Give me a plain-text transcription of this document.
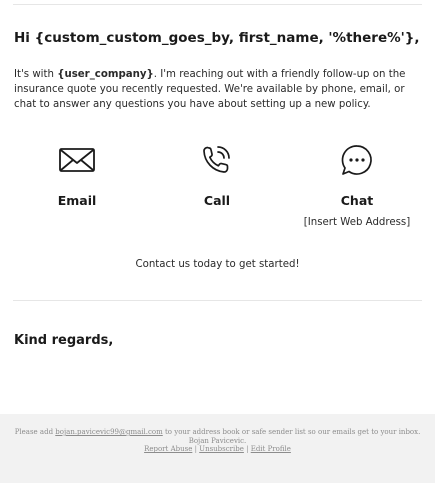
Hi {custom_custom_goes_by, first_name, '%there%'},

It's with {user_company}. I'm reaching out with a friendly follow-up on the insurance quote you recently requested. We're available by phone, email, or chat to answer any questions you have about setting up a new policy.

Email	Call	Chat
[Insert Web Address]
Contact us today to get started!

Kind regards,

Please add bojan.pavicevic99@gmail.com to your address book or safe sender list so our emails get to your inbox. Bojan Pavicevic.
Report Abuse | Unsubscribe | Edit Profile
